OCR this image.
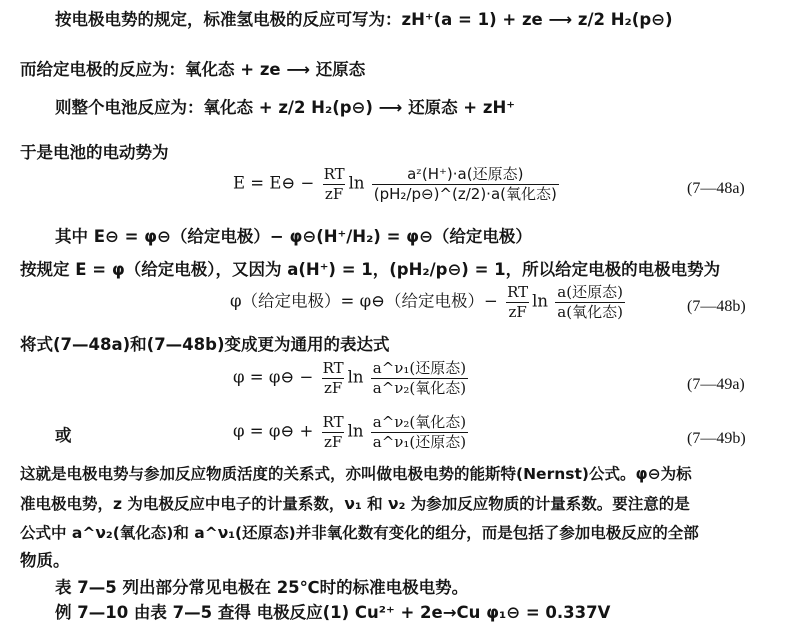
按电极电势的规定，标准氢电极的反应可写为：zH⁺(a = 1) + ze ⟶ z/2 H₂(p⊖)
而给定电极的反应为：氧化态 + ze ⟶ 还原态
则整个电池反应为：氧化态 + z/2 H₂(p⊖) ⟶ 还原态 + zH⁺
于是电池的电动势为
E = E⊖ − $\frac{RT}{zF}$ $\ln \frac{\text{aᶻ(H⁺)·a(还原态)}}{\text{(pH₂/p⊖)\textasciicircum{}(z/2)·a(氧化态)}}$	(7—48a)
其中 E⊖ = φ⊖（给定电极）− φ⊖(H⁺/H₂) = φ⊖（给定电极）
按规定 E = φ（给定电极），又因为 a(H⁺) = 1，(pH₂/p⊖) = 1，所以给定电极的电极电势为
φ（给定电极）= φ⊖（给定电极）− $\frac{RT}{zF}$ $\ln \frac{\text{a(还原态)}}{\text{a(氧化态)}}$	(7—48b)
将式(7—48a)和(7—48b)变成更为通用的表达式
φ = φ⊖ − $\frac{RT}{zF}$ $\ln \frac{\text{a\textasciicircum{}ν₁(还原态)}}{\text{a\textasciicircum{}ν₂(氧化态)}}$	(7—49a)
或	φ = φ⊖ + $\frac{RT}{zF}$ $\ln \frac{\text{a\textasciicircum{}ν₂(氧化态)}}{\text{a\textasciicircum{}ν₁(还原态)}}$	(7—49b)
这就是电极电势与参加反应物质活度的关系式，亦叫做电极电势的能斯特(Nernst)公式。φ⊖为标
准电极电势，z 为电极反应中电子的计量系数，ν₁ 和 ν₂ 为参加反应物质的计量系数。要注意的是
公式中 a^ν₂(氧化态)和 a^ν₁(还原态)并非氧化数有变化的组分，而是包括了参加电极反应的全部
物质。
表 7—5 列出部分常见电极在 25℃时的标准电极电势。
例 7—10 由表 7—5 查得 电极反应(1) Cu²⁺ + 2e→Cu φ₁⊖ = 0.337V
